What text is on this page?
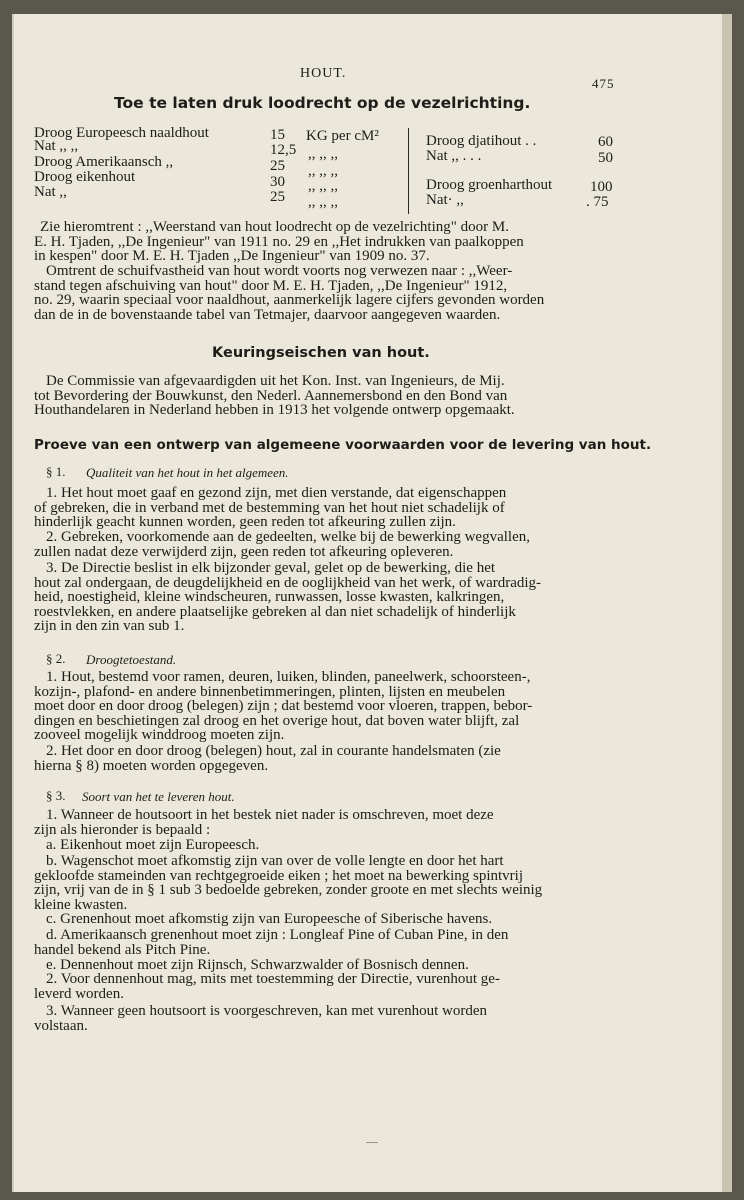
HOUT.
475
Toe te laten druk loodrecht op de vezelrichting.
Droog Europeesch naaldhout	15 KG per cM²
Nat ,, ,,	12,5 ,, ,, ,,
Droog Amerikaansch ,,	25 ,, ,, ,,
Droog eikenhout	30 ,, ,, ,,
Nat ,,	25 ,, ,, ,,
Droog djatihout . .	60
Nat ,, . . .	50
Droog groenharthout	100
Nat· ,,	. 75
Zie hieromtrent : ,,Weerstand van hout loodrecht op de vezelrichting" door M.
E. H. Tjaden, ,,De Ingenieur" van 1911 no. 29 en ,,Het indrukken van paalkoppen
in kespen" door M. E. H. Tjaden ,,De Ingenieur" van 1909 no. 37.
Omtrent de schuifvastheid van hout wordt voorts nog verwezen naar : ,,Weer-
stand tegen afschuiving van hout" door M. E. H. Tjaden, ,,De Ingenieur" 1912,
no. 29, waarin speciaal voor naaldhout, aanmerkelijk lagere cijfers gevonden worden
dan de in de bovenstaande tabel van Tetmajer, daarvoor aangegeven waarden.
Keuringseischen van hout.
De Commissie van afgevaardigden uit het Kon. Inst. van Ingenieurs, de Mij.
tot Bevordering der Bouwkunst, den Nederl. Aannemersbond en den Bond van
Houthandelaren in Nederland hebben in 1913 het volgende ontwerp opgemaakt.
Proeve van een ontwerp van algemeene voorwaarden voor de levering van hout.
§ 1. Qualiteit van het hout in het algemeen.
1. Het hout moet gaaf en gezond zijn, met dien verstande, dat eigenschappen
of gebreken, die in verband met de bestemming van het hout niet schadelijk of
hinderlijk geacht kunnen worden, geen reden tot afkeuring zullen zijn.
2. Gebreken, voorkomende aan de gedeelten, welke bij de bewerking wegvallen,
zullen nadat deze verwijderd zijn, geen reden tot afkeuring opleveren.
3. De Directie beslist in elk bijzonder geval, gelet op de bewerking, die het
hout zal ondergaan, de deugdelijkheid en de ooglijkheid van het werk, of wardradig-
heid, noestigheid, kleine windscheuren, runwassen, losse kwasten, kalkringen,
roestvlekken, en andere plaatselijke gebreken al dan niet schadelijk of hinderlijk
zijn in den zin van sub 1.
§ 2. Droogtetoestand.
1. Hout, bestemd voor ramen, deuren, luiken, blinden, paneelwerk, schoorsteen-,
kozijn-, plafond- en andere binnenbetimmeringen, plinten, lijsten en meubelen
moet door en door droog (belegen) zijn ; dat bestemd voor vloeren, trappen, bebor-
dingen en beschietingen zal droog en het overige hout, dat boven water blijft, zal
zooveel mogelijk winddroog moeten zijn.
2. Het door en door droog (belegen) hout, zal in courante handelsmaten (zie
hierna § 8) moeten worden opgegeven.
§ 3. Soort van het te leveren hout.
1. Wanneer de houtsoort in het bestek niet nader is omschreven, moet deze
zijn als hieronder is bepaald :
a. Eikenhout moet zijn Europeesch.
b. Wagenschot moet afkomstig zijn van over de volle lengte en door het hart
gekloofde stameinden van rechtgegroeide eiken ; het moet na bewerking spintvrij
zijn, vrij van de in § 1 sub 3 bedoelde gebreken, zonder groote en met slechts weinig
kleine kwasten.
c. Grenenhout moet afkomstig zijn van Europeesche of Siberische havens.
d. Amerikaansch grenenhout moet zijn : Longleaf Pine of Cuban Pine, in den
handel bekend als Pitch Pine.
e. Dennenhout moet zijn Rijnsch, Schwarzwalder of Bosnisch dennen.
2. Voor dennenhout mag, mits met toestemming der Directie, vurenhout ge-
leverd worden.
3. Wanneer geen houtsoort is voorgeschreven, kan met vurenhout worden
volstaan.
